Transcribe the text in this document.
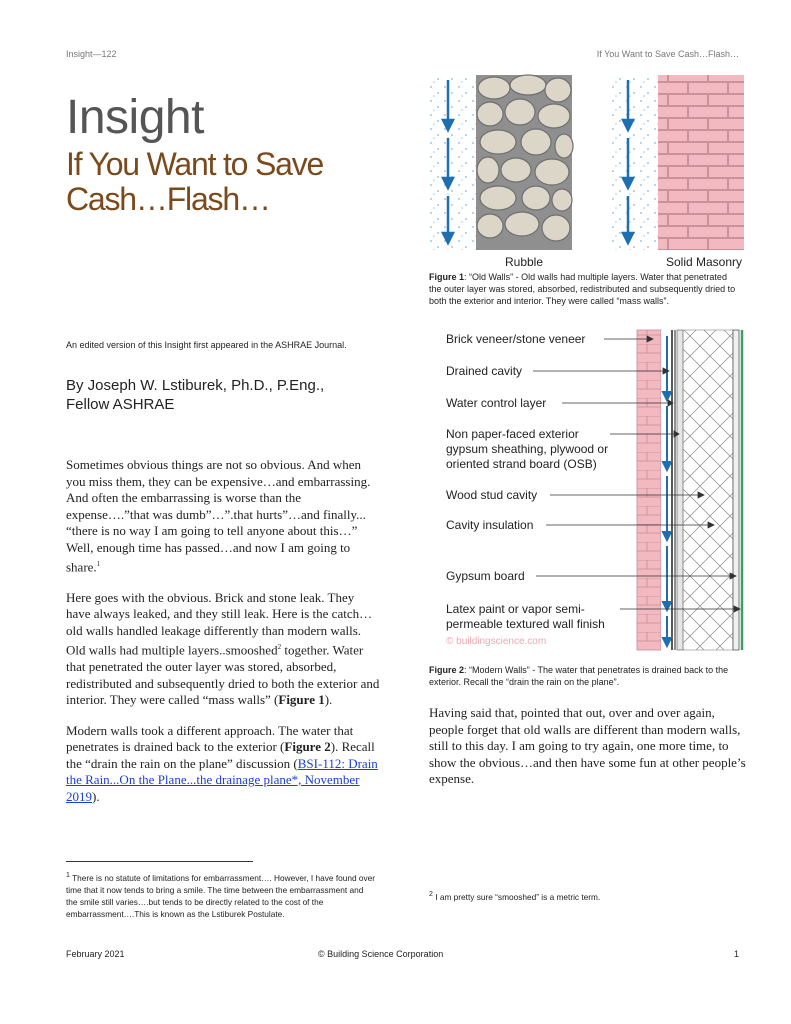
Insight—122	If You Want to Save Cash…Flash…
Insight
If You Want to Save Cash…Flash…
Rubble	Solid Masonry
Figure 1: “Old Walls” - Old walls had multiple layers. Water that penetrated the outer layer was stored, absorbed, redistributed and subsequently dried to both the exterior and interior. They were called “mass walls”.
Brick veneer/stone veneer
Drained cavity
Water control layer
Non paper-faced exterior
gypsum sheathing, plywood or
oriented strand board (OSB)
Wood stud cavity
Cavity insulation
Gypsum board
Latex paint or vapor semi-
permeable textured wall finish
© buildingscience.com
Figure 2: “Modern Walls” - The water that penetrates is drained back to the exterior. Recall the “drain the rain on the plane”.
An edited version of this Insight first appeared in the ASHRAE Journal.
By Joseph W. Lstiburek, Ph.D., P.Eng., Fellow ASHRAE

Sometimes obvious things are not so obvious. And when you miss them, they can be expensive…and embarrassing. And often the embarrassing is worse than the expense….”that was dumb”…”.that hurts”…and finally... “there is no way I am going to tell anyone about this…” Well, enough time has passed…and now I am going to share.$^1$

Here goes with the obvious. Brick and stone leak. They have always leaked, and they still leak. Here is the catch… old walls handled leakage differently than modern walls. Old walls had multiple layers..smooshed$^2$ together. Water that penetrated the outer layer was stored, absorbed, redistributed and subsequently dried to both the exterior and interior. They were called “mass walls” (Figure 1).

Modern walls took a different approach. The water that penetrates is drained back to the exterior (Figure 2). Recall the “drain the rain on the plane” discussion (BSI-112: Drain the Rain...On the Plane...the drainage plane*, November 2019).

Having said that, pointed that out, over and over again, people forget that old walls are different than modern walls, still to this day. I am going to try again, one more time, to show the obvious…and then have some fun at other people’s expense.
$^1$ There is no statute of limitations for embarrassment…. However, I have found over time that it now tends to bring a smile. The time between the embarrassment and the smile still varies….but tends to be directly related to the cost of the embarrassment….This is known as the Lstiburek Postulate.
$^2$ I am pretty sure “smooshed” is a metric term.
February 2021	© Building Science Corporation	1
